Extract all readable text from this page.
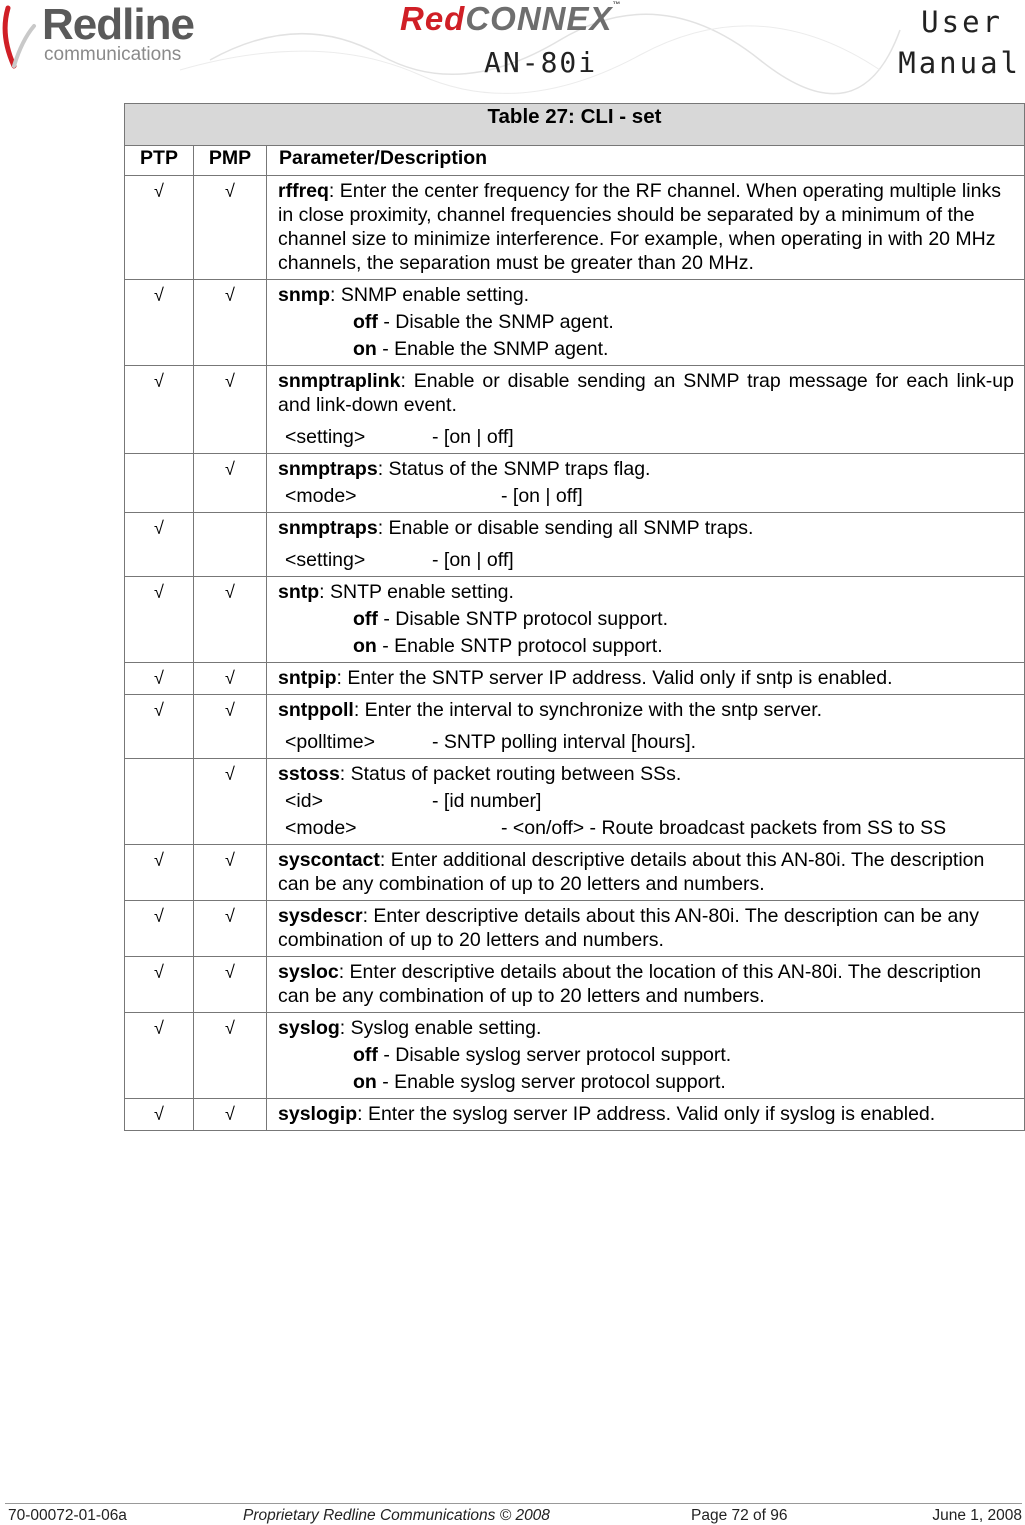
Redline
communications
RedCONNEX™
AN-80i
User
Manual
Table 27: CLI - set		
PTP	PMP	Parameter/Description
√	√	rffreq: Enter the center frequency for the RF channel. When operating multiple links in close proximity, channel frequencies should be separated by a minimum of the channel size to minimize interference. For example, when operating in with 20 MHz channels, the separation must be greater than 20 MHz.
√	√	snmp: SNMP enable setting.
off - Disable the SNMP agent.
on - Enable the SNMP agent.

√	√	snmptraplink: Enable or disable sending an SNMP trap message for each link-up and link-down event.
<setting> - [on | off]

	√	snmptraps: Status of the SNMP traps flag.
<mode> - [on | off]

√		snmptraps: Enable or disable sending all SNMP traps.
<setting> - [on | off]

√	√	sntp: SNTP enable setting.
off - Disable SNTP protocol support.
on - Enable SNTP protocol support.

√	√	sntpip: Enter the SNTP server IP address. Valid only if sntp is enabled.
√	√	sntppoll: Enter the interval to synchronize with the sntp server.
<polltime> - SNTP polling interval [hours].

	√	sstoss: Status of packet routing between SSs.
<id> - [id number]
<mode> - <on/off> - Route broadcast packets from SS to SS

√	√	syscontact: Enter additional descriptive details about this AN-80i. The description can be any combination of up to 20 letters and numbers.
√	√	sysdescr: Enter descriptive details about this AN-80i. The description can be any combination of up to 20 letters and numbers.
√	√	sysloc: Enter descriptive details about the location of this AN-80i. The description can be any combination of up to 20 letters and numbers.
√	√	syslog: Syslog enable setting.
off - Disable syslog server protocol support.
on - Enable syslog server protocol support.

√	√	syslogip: Enter the syslog server IP address. Valid only if syslog is enabled.
70-00072-01-06a	Proprietary Redline Communications © 2008	Page 72 of 96	June 1, 2008
